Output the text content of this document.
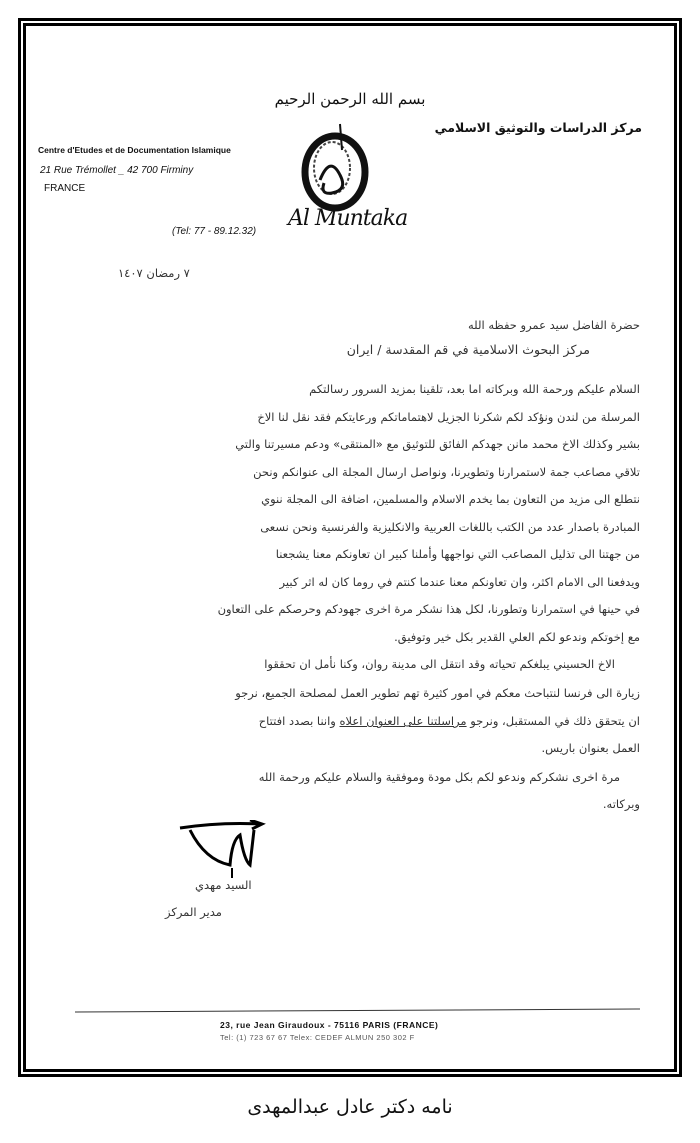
بسم الله الرحمن الرحيم
مركز الدراسات والتوثيق الاسلامي
Centre d'Etudes et de Documentation Islamique
21 Rue Trémollet _ 42 700 Firminy
FRANCE
(Tel: 77 - 89.12.32)
Al Muntaka
٧ رمضان ١٤٠٧
حضرة الفاضل سيد عمرو حفظه الله
مركز البحوث الاسلامية في قم المقدسة / ايران
السلام عليكم ورحمة الله وبركاته اما بعد، تلقينا بمزيد السرور رسالتكم
المرسلة من لندن ونؤكد لكم شكرنا الجزيل لاهتماماتكم ورعايتكم فقد نقل لنا الاخ
بشير وكذلك الاخ محمد مانن جهدكم الفائق للتوثيق مع «المنتقى» ودعم مسيرتنا والتي
تلاقي مصاعب جمة لاستمرارنا وتطويرنا، ونواصل ارسال المجلة الى عنوانكم ونحن
نتطلع الى مزيد من التعاون بما يخدم الاسلام والمسلمين، اضافة الى المجلة ننوي
المبادرة باصدار عدد من الكتب باللغات العربية والانكليزية والفرنسية ونحن نسعى
من جهتنا الى تذليل المصاعب التي نواجهها وأملنا كبير ان تعاونكم معنا يشجعنا
ويدفعنا الى الامام اكثر، وان تعاونكم معنا عندما كنتم في روما كان له اثر كبير
في حينها في استمرارنا وتطورنا، لكل هذا نشكر مرة اخرى جهودكم وحرصكم على التعاون
مع إخوتكم وندعو لكم العلي القدير بكل خير وتوفيق.
الاخ الحسيني يبلغكم تحياته وقد انتقل الى مدينة روان، وكنا نأمل ان تحققوا
زيارة الى فرنسا لنتباحث معكم في امور كثيرة تهم تطوير العمل لمصلحة الجميع، نرجو
ان يتحقق ذلك في المستقبل، ونرجو مراسلتنا على العنوان اعلاه واننا بصدد افتتاح
العمل بعنوان باريس.
مرة اخرى نشكركم وندعو لكم بكل مودة وموفقية والسلام عليكم ورحمة الله
وبركاته.
السيد مهدي
مدير المركز
23, rue Jean Giraudoux - 75116 PARIS (FRANCE)
Tel: (1) 723 67 67 Telex: CEDEF ALMUN 250 302 F
نامه دکتر عادل عبدالمهدی
